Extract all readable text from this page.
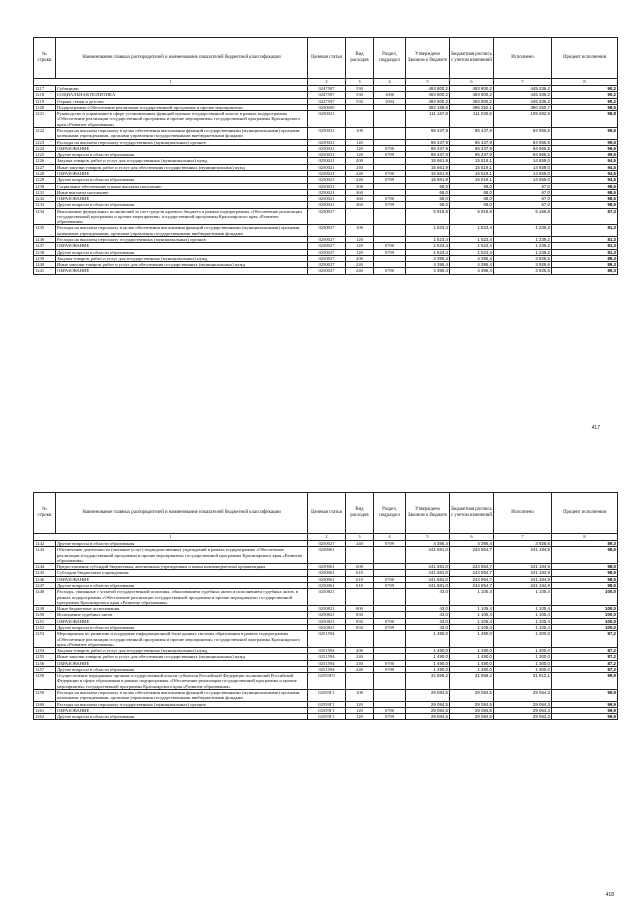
№ строки	Наименование главных распорядителей и наименование показателей бюджетной классификации	Целевая статья	Вид расходов	Раздел, подраздел	Утверждено Законом о бюджете	Бюджетная роспись с учетом изменений	Исполнено	Процент исполнения
1		2	3	4	5	6	7	8
1217	Субвенции	0247587	530		493 800,2	493 800,2	445 336,2	90,2
1218	СОЦИАЛЬНАЯ ПОЛИТИКА	0247587	530	1000	493 800,2	493 800,2	445 336,2	90,2
1219	Охрана семьи и детства	0247587	530	1004	493 800,2	493 800,2	445 336,2	90,2
1220	Подпрограмма «Обеспечение реализации государственной программы и прочие мероприятия»	0250000			392 158,8	396 252,1	390 260,7	98,5
1221	Руководство и управление в сфере установленных функций органов государственной власти в рамках подпрограммы «Обеспечение реализации государственной программы и прочие мероприятия» государственной программы Красноярского края «Развитие образования»	0250021			111 167,8	111 025,6	109 692,5	98,8
1222	Расходы на выплаты персоналу в целях обеспечения выполнения функций государственными (муниципальными) органами, казенными учреждениями, органами управления государственными внебюджетными фондами	0250021	100		95 437,9	95 437,9	94 966,5	99,5
1223	Расходы на выплаты персоналу государственных (муниципальных) органов	0250021	120		95 437,9	95 437,9	94 966,5	99,5
1224	ОБРАЗОВАНИЕ	0250021	120	0700	95 437,9	95 437,9	94 966,5	99,5
1225	Другие вопросы в области образования	0250021	120	0709	95 437,9	95 437,9	94 966,5	99,5
1226	Закупка товаров, работ и услуг для государственных (муниципальных) нужд	0250021	200		15 661,9	15 519,1	14 659,0	94,5
1227	Иные закупки товаров, работ и услуг для обеспечения государственных (муниципальных) нужд	0250021	240		15 661,9	15 519,1	14 659,0	94,5
1228	ОБРАЗОВАНИЕ	0250021	240	0700	15 661,9	15 519,1	14 659,0	94,5
1229	Другие вопросы в области образования	0250021	240	0709	15 661,9	15 519,1	14 659,0	94,5
1230	Социальное обеспечение и иные выплаты населению	0250021	300		68,0	68,0	67,0	98,5
1231	Иные выплаты населению	0250021	360		68,0	68,0	67,0	98,5
1232	ОБРАЗОВАНИЕ	0250021	360	0700	68,0	68,0	67,0	98,5
1233	Другие вопросы в области образования	0250021	360	0709	68,0	68,0	67,0	98,5
1234	Выполнение федеральных полномочий за счет средств краевого бюджета в рамках подпрограммы «Обеспечение реализации государственной программы и прочие мероприятия» государственной программы Красноярского края «Развитие образования»	0250027			5 918,8	5 918,8	5 165,8	87,3
1235	Расходы на выплаты персоналу в целях обеспечения выполнения функций государственными (муниципальными) органами, казенными учреждениями, органами управления государственными внебюджетными фондами	0250027	100		1 523,4	1 523,4	1 239,2	81,3
1236	Расходы на выплаты персоналу государственных (муниципальных) органов	0250027	120		1 523,4	1 523,4	1 239,2	81,3
1237	ОБРАЗОВАНИЕ	0250027	120	0700	1 523,4	1 523,4	1 239,2	81,3
1238	Другие вопросы в области образования	0250027	120	0709	1 523,4	1 523,4	1 239,2	81,3
1239	Закупка товаров, работ и услуг для государственных (муниципальных) нужд	0250027	200		4 395,4	4 395,4	3 926,6	89,3
1240	Иные закупки товаров, работ и услуг для обеспечения государственных (муниципальных) нужд	0250027	240		4 395,4	4 395,4	3 926,6	89,3
1241	ОБРАЗОВАНИЕ	0250027	240	0700	4 395,4	4 395,4	3 926,6	89,3
417
№ строки	Наименование главных распорядителей и наименование показателей бюджетной классификации	Целевая статья	Вид расходов	Раздел, подраздел	Утверждено Законом о бюджете	Бюджетная роспись с учетом изменений	Исполнено	Процент исполнения
1		2	3	4	5	6	7	8
1242	Другие вопросы в области образования	0250027	240	0709	4 395,4	4 395,4	3 926,6	89,3
1243	Обеспечение деятельности (оказание услуг) подведомственных учреждений в рамках подпрограммы «Обеспечение реализации государственной программы и прочие мероприятия» государственной программы Красноярского края «Развитие образования»	0250061			241 681,0	244 854,7	241 184,9	98,5
1244	Предоставление субсидий бюджетным, автономным учреждениям и иным некоммерческим организациям	0250061	600		241 681,0	244 854,7	241 184,9	98,5
1245	Субсидии бюджетным учреждениям	0250061	610		241 681,0	244 854,7	241 184,9	98,5
1246	ОБРАЗОВАНИЕ	0250061	610	0700	241 681,0	244 854,7	241 184,9	98,5
1247	Другие вопросы в области образования	0250061	610	0709	241 681,0	244 854,7	241 184,9	98,5
1248	Расходы, связанные с уплатой государственной пошлины, обжалованием судебных актов и исполнением судебных актов, в рамках подпрограммы «Обеспечение реализации государственной программы и прочие мероприятия» государственной программы Красноярского края «Развитие образования»	0250821			43,0	1 105,4	1 105,4	100,0
1249	Иные бюджетные ассигнования	0250821	800		43,0	1 105,4	1 105,4	100,0
1250	Исполнение судебных актов	0250821	830		43,0	1 105,4	1 105,4	100,0
1251	ОБРАЗОВАНИЕ	0250821	830	0700	43,0	1 105,4	1 105,4	100,0
1252	Другие вопросы в области образования	0250821	830	0709	43,0	1 105,4	1 105,4	100,0
1253	Мероприятия по развитию и поддержке информационной базы данных системы образования в рамках подпрограммы «Обеспечение реализации государственной программы и прочие мероприятия» государственной программы Красноярского края «Развитие образования»	0251594			1 490,0	1 490,0	1 300,0	87,2
1254	Закупка товаров, работ и услуг для государственных (муниципальных) нужд	0251594	200		1 490,0	1 490,0	1 300,0	87,2
1255	Иные закупки товаров, работ и услуг для обеспечения государственных (муниципальных) нужд	0251594	240		1 490,0	1 490,0	1 300,0	87,2
1256	ОБРАЗОВАНИЕ	0251594	240	0700	1 490,0	1 490,0	1 300,0	87,2
1257	Другие вопросы в области образования	0251594	240	0709	1 490,0	1 490,0	1 300,0	87,2
1258	Осуществление переданных органам государственной власти субъектов Российской Федерации полномочий Российской Федерации в сфере образования в рамках подпрограммы «Обеспечение реализации государственной программы и прочие мероприятия» государственной программы Красноярского края «Развитие образования»	02559Г0			31 858,2	31 858,2	31 812,1	99,9
1259	Расходы на выплаты персоналу в целях обеспечения выполнения функций государственными (муниципальными) органами, казенными учреждениями, органами управления государственными внебюджетными фондами	02559Г1	100		29 084,5	29 084,5	29 064,3	99,9
1260	Расходы на выплаты персоналу государственных (муниципальных) органов	02559Г1	120		29 084,5	29 084,5	29 064,3	99,9
1261	ОБРАЗОВАНИЕ	02559Г1	120	0700	29 084,5	29 084,5	29 064,3	99,9
1262	Другие вопросы в области образования	02559Г1	120	0709	29 084,5	29 084,5	29 064,3	99,9
418
